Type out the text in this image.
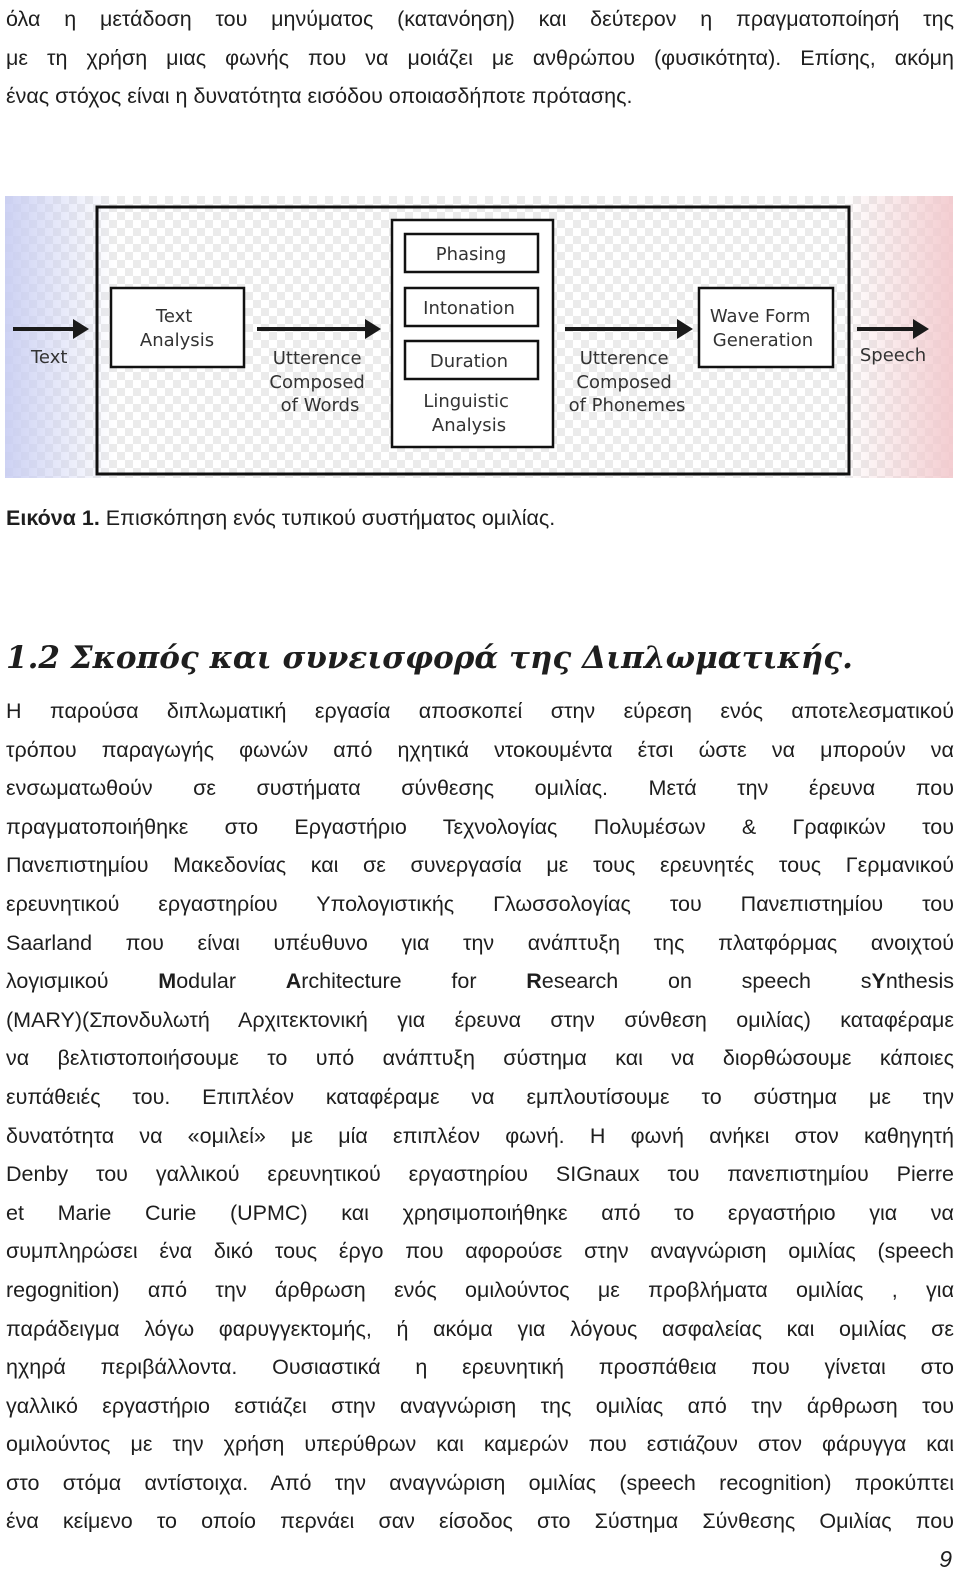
όλα η μετάδοση του μηνύματος (κατανόηση) και δεύτερον η πραγματοποίησή της

με τη χρήση μιας φωνής που να μοιάζει με ανθρώπου (φυσικότητα). Επίσης, ακόμη

ένας στόχος είναι η δυνατότητα εισόδου οποιασδήποτε πρότασης.

Text
Text Analysis
Utterence Composed of Words
Phasing
Intonation
Duration
Linguistic Analysis
Utterence Composed of Phonemes
Wave Form Generation
Speech
Εικόνα 1. Επισκόπηση ενός τυπικού συστήματος ομιλίας.
1.2 Σκοπός και συνεισφορά της Διπλωματικής.

Η παρούσα διπλωματική εργασία αποσκοπεί στην εύρεση ενός αποτελεσματικού

τρόπου παραγωγής φωνών από ηχητικά ντοκουμέντα έτσι ώστε να μπορούν να

ενσωματωθούν σε συστήματα σύνθεσης ομιλίας. Μετά την έρευνα που

πραγματοποιήθηκε στο Εργαστήριο Τεχνολογίας Πολυμέσων & Γραφικών του

Πανεπιστημίου Μακεδονίας και σε συνεργασία με τους ερευνητές τους Γερμανικού

ερευνητικού εργαστηρίου Υπολογιστικής Γλωσσολογίας του Πανεπιστημίου του

Saarland που είναι υπέυθυνο για την ανάπτυξη της πλατφόρμας ανοιχτού

λογισμικού Modular Architecture for Research on speech sYnthesis

(MARY)(Σπονδυλωτή Αρχιτεκτονική για έρευνα στην σύνθεση ομιλίας) καταφέραμε

να βελτιστοποιήσουμε το υπό ανάπτυξη σύστημα και να διορθώσουμε κάποιες

ευπάθειές του. Επιπλέον καταφέραμε να εμπλουτίσουμε το σύστημα με την

δυνατότητα να «ομιλεί» με μία επιπλέον φωνή. Η φωνή ανήκει στον καθηγητή

Denby του γαλλικού ερευνητικού εργαστηρίου SIGnaux του πανεπιστημίου Pierre

et Marie Curie (UPMC) και χρησιμοποιήθηκε από το εργαστήριο για να

συμπληρώσει ένα δικό τους έργο που αφορούσε στην αναγνώριση ομιλίας (speech

regognition) από την άρθρωση ενός ομιλούντος με προβλήματα ομιλίας , για

παράδειγμα λόγω φαρυγγεκτομής, ή ακόμα για λόγους ασφαλείας και ομιλίας σε

ηχηρά περιβάλλοντα. Ουσιαστικά η ερευνητική προσπάθεια που γίνεται στο

γαλλικό εργαστήριο εστιάζει στην αναγνώριση της ομιλίας από την άρθρωση του

ομιλούντος με την χρήση υπερύθρων και καμερών που εστιάζουν στον φάρυγγα και

στο στόμα αντίστοιχα. Από την αναγνώριση ομιλίας (speech recognition) προκύπτει

ένα κείμενο το οποίο περνάει σαν είσοδος στο Σύστημα Σύνθεσης Ομιλίας που

9
